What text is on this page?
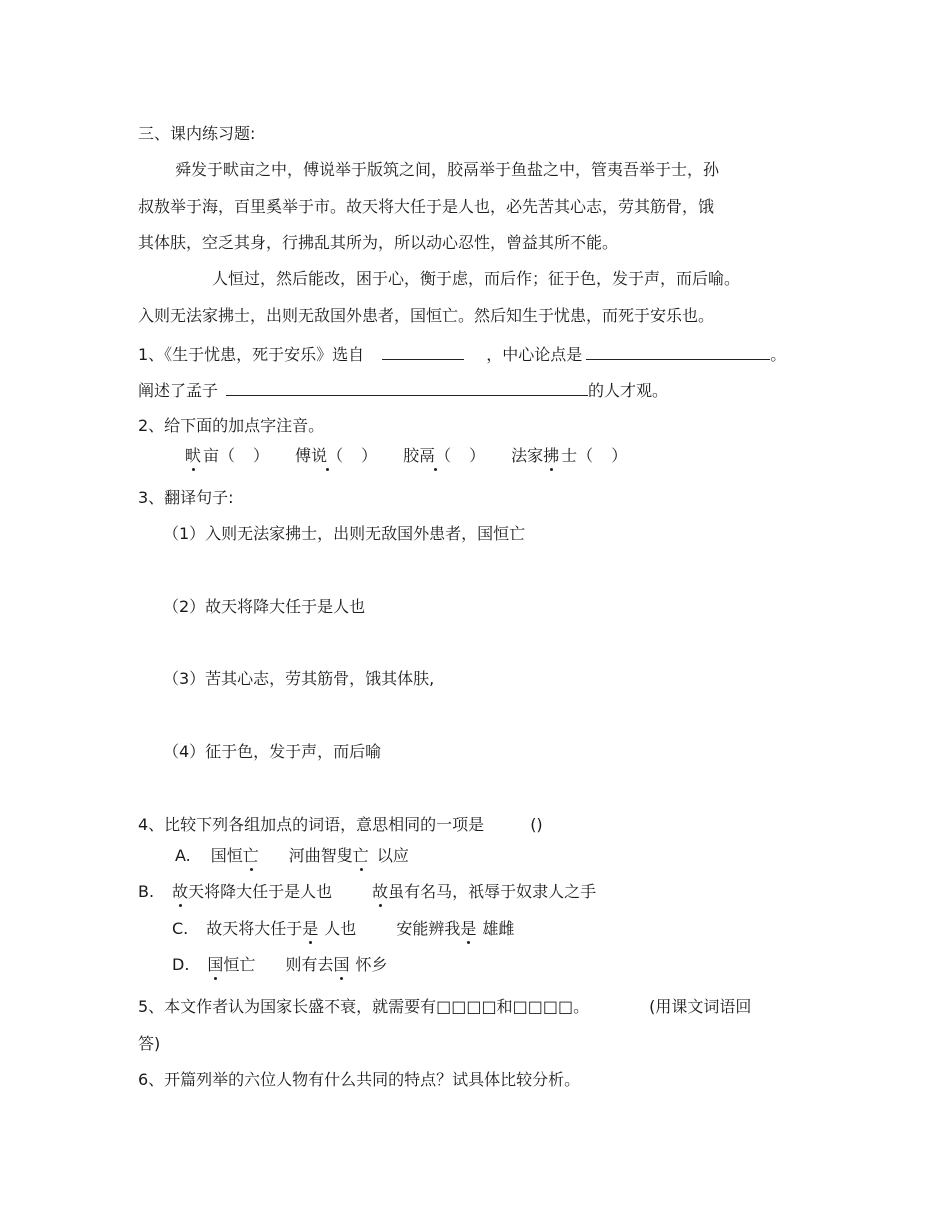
三、课内练习题:
舜发于畎亩之中，傅说举于版筑之间，胶鬲举于鱼盐之中，管夷吾举于士，孙
叔敖举于海，百里奚举于市。故天将大任于是人也，必先苦其心志，劳其筋骨，饿
其体肤，空乏其身，行拂乱其所为，所以动心忍性，曾益其所不能。
人恒过，然后能改，困于心，衡于虑，而后作；征于色，发于声，而后喻。
入则无法家拂士，出则无敌国外患者，国恒亡。然后知生于忧患，而死于安乐也。
1、《生于忧患，死于安乐》选自	，中心论点是	。
阐述了孟子	的人才观。
2、给下面的加点字注音。
畎 亩（ ） 傅说（ ） 胶鬲（ ） 法家拂 士（ ）
3、翻译句子:
（1）入则无法家拂士，出则无敌国外患者，国恒亡
（2）故天将降大任于是人也
（3）苦其心志，劳其筋骨，饿其体肤,
（4）征于色，发于声，而后喻
4、比较下列各组加点的词语，意思相同的一项是	()
A. 国恒亡 河曲智叟亡 以应
B. 故天将降大任于是人也	故虽有名马，祇辱于奴隶人之手
C. 故天将大任于是 人也	安能辨我是 雄雌
D. 国恒亡 则有去国 怀乡
5、本文作者认为国家长盛不衰，就需要有□□□□和□□□□。	(用课文词语回
答)
6、开篇列举的六位人物有什么共同的特点？试具体比较分析。
